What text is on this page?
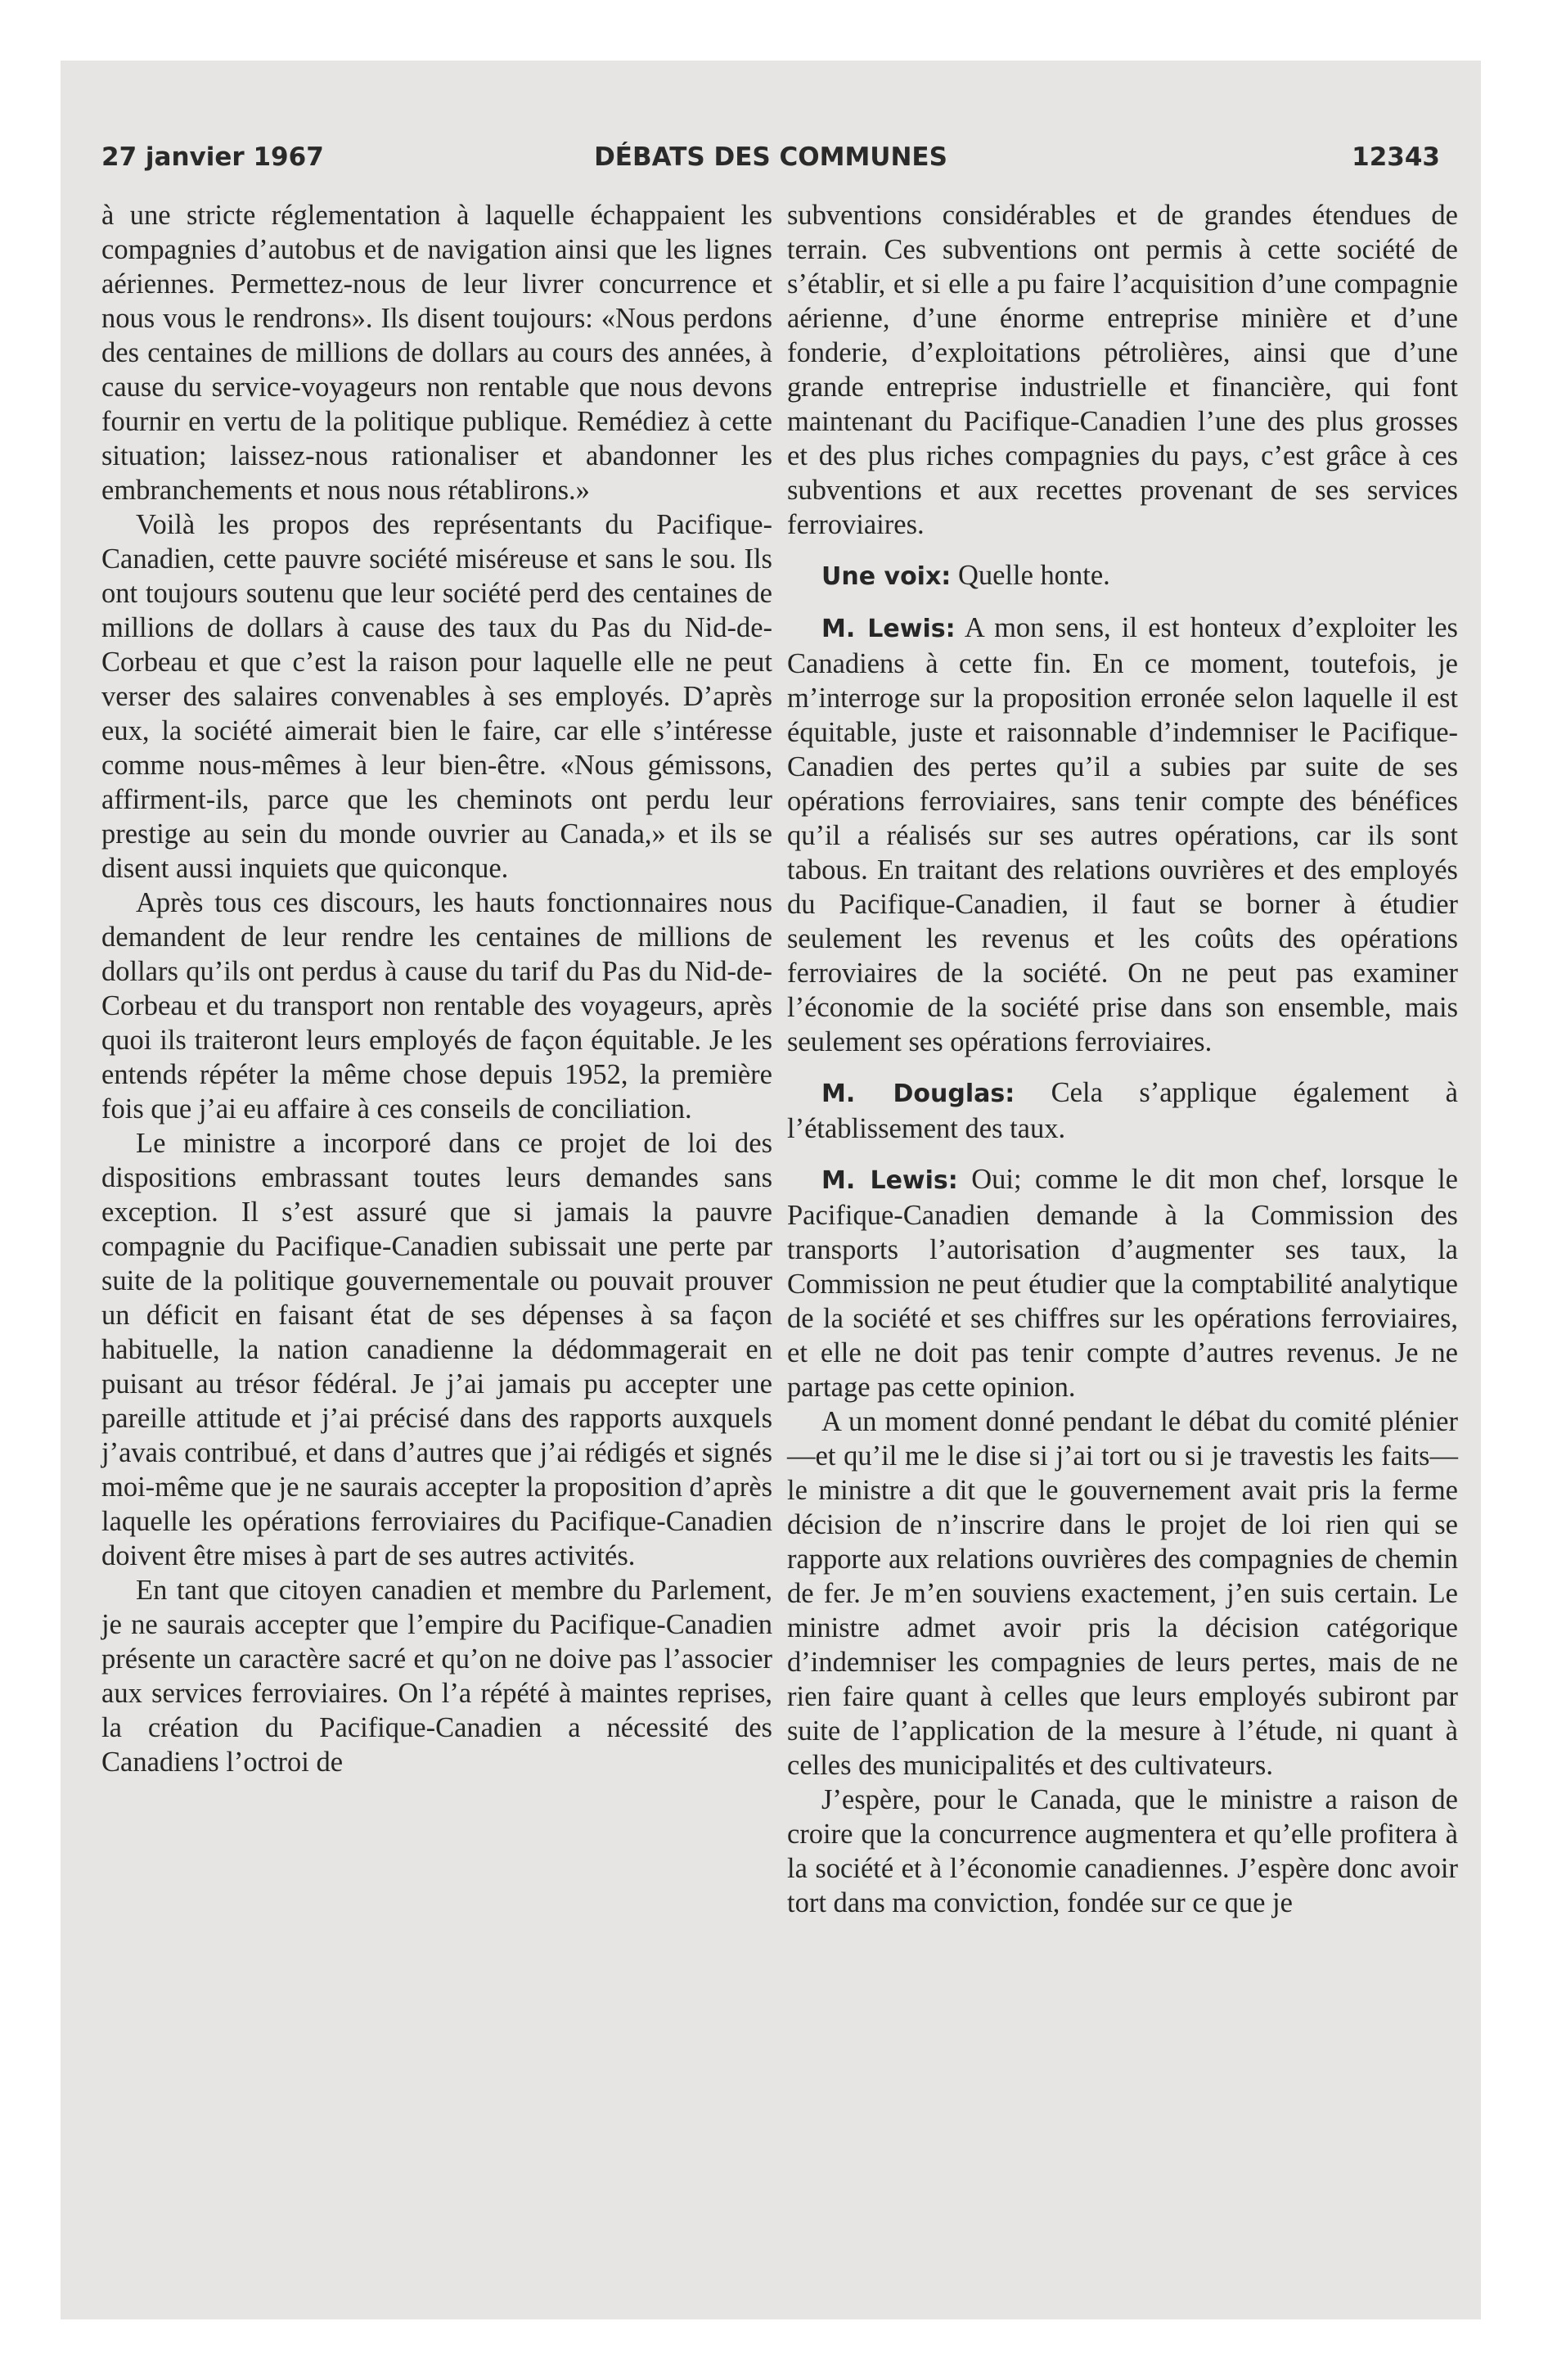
27 janvier 1967	DÉBATS DES COMMUNES	12343

à une stricte réglementation à laquelle échappaient les compagnies d’autobus et de navigation ainsi que les lignes aériennes. Permettez-nous de leur livrer concurrence et nous vous le rendrons». Ils disent toujours: «Nous perdons des centaines de millions de dollars au cours des années, à cause du service-voyageurs non rentable que nous devons fournir en vertu de la politique publique. Remédiez à cette situation; laissez-nous rationaliser et abandonner les embranchements et nous nous rétablirons.»

Voilà les propos des représentants du Pacifique-Canadien, cette pauvre société miséreuse et sans le sou. Ils ont toujours soutenu que leur société perd des centaines de millions de dollars à cause des taux du Pas du Nid-de-Corbeau et que c’est la raison pour laquelle elle ne peut verser des salaires convenables à ses employés. D’après eux, la société aimerait bien le faire, car elle s’intéresse comme nous-mêmes à leur bien-être. «Nous gémissons, affirment-ils, parce que les cheminots ont perdu leur prestige au sein du monde ouvrier au Canada,» et ils se disent aussi inquiets que quiconque.

Après tous ces discours, les hauts fonctionnaires nous demandent de leur rendre les centaines de millions de dollars qu’ils ont perdus à cause du tarif du Pas du Nid-de-Corbeau et du transport non rentable des voyageurs, après quoi ils traiteront leurs employés de façon équitable. Je les entends répéter la même chose depuis 1952, la première fois que j’ai eu affaire à ces conseils de conciliation.

Le ministre a incorporé dans ce projet de loi des dispositions embrassant toutes leurs demandes sans exception. Il s’est assuré que si jamais la pauvre compagnie du Pacifique-Canadien subissait une perte par suite de la politique gouvernementale ou pouvait prouver un déficit en faisant état de ses dépenses à sa façon habituelle, la nation canadienne la dédommagerait en puisant au trésor fédéral. Je j’ai jamais pu accepter une pareille attitude et j’ai précisé dans des rapports auxquels j’avais contribué, et dans d’autres que j’ai rédigés et signés moi-même que je ne saurais accepter la proposition d’après laquelle les opérations ferroviaires du Pacifique-Canadien doivent être mises à part de ses autres activités.

En tant que citoyen canadien et membre du Parlement, je ne saurais accepter que l’empire du Pacifique-Canadien présente un caractère sacré et qu’on ne doive pas l’associer aux services ferroviaires. On l’a répété à maintes reprises, la création du Pacifique-Canadien a nécessité des Canadiens l’octroi de

subventions considérables et de grandes étendues de terrain. Ces subventions ont permis à cette société de s’établir, et si elle a pu faire l’acquisition d’une compagnie aérienne, d’une énorme entreprise minière et d’une fonderie, d’exploitations pétrolières, ainsi que d’une grande entreprise industrielle et financière, qui font maintenant du Pacifique-Canadien l’une des plus grosses et des plus riches compagnies du pays, c’est grâce à ces subventions et aux recettes provenant de ses services ferroviaires.

Une voix: Quelle honte.

M. Lewis: A mon sens, il est honteux d’exploiter les Canadiens à cette fin. En ce moment, toutefois, je m’interroge sur la proposition erronée selon laquelle il est équitable, juste et raisonnable d’indemniser le Pacifique-Canadien des pertes qu’il a subies par suite de ses opérations ferroviaires, sans tenir compte des bénéfices qu’il a réalisés sur ses autres opérations, car ils sont tabous. En traitant des relations ouvrières et des employés du Pacifique-Canadien, il faut se borner à étudier seulement les revenus et les coûts des opérations ferroviaires de la société. On ne peut pas examiner l’économie de la société prise dans son ensemble, mais seulement ses opérations ferroviaires.

M. Douglas: Cela s’applique également à l’établissement des taux.

M. Lewis: Oui; comme le dit mon chef, lorsque le Pacifique-Canadien demande à la Commission des transports l’autorisation d’augmenter ses taux, la Commission ne peut étudier que la comptabilité analytique de la société et ses chiffres sur les opérations ferroviaires, et elle ne doit pas tenir compte d’autres revenus. Je ne partage pas cette opinion.

A un moment donné pendant le débat du comité plénier—et qu’il me le dise si j’ai tort ou si je travestis les faits—le ministre a dit que le gouvernement avait pris la ferme décision de n’inscrire dans le projet de loi rien qui se rapporte aux relations ouvrières des compagnies de chemin de fer. Je m’en souviens exactement, j’en suis certain. Le ministre admet avoir pris la décision catégorique d’indemniser les compagnies de leurs pertes, mais de ne rien faire quant à celles que leurs employés subiront par suite de l’application de la mesure à l’étude, ni quant à celles des municipalités et des cultivateurs.

J’espère, pour le Canada, que le ministre a raison de croire que la concurrence augmentera et qu’elle profitera à la société et à l’économie canadiennes. J’espère donc avoir tort dans ma conviction, fondée sur ce que je
